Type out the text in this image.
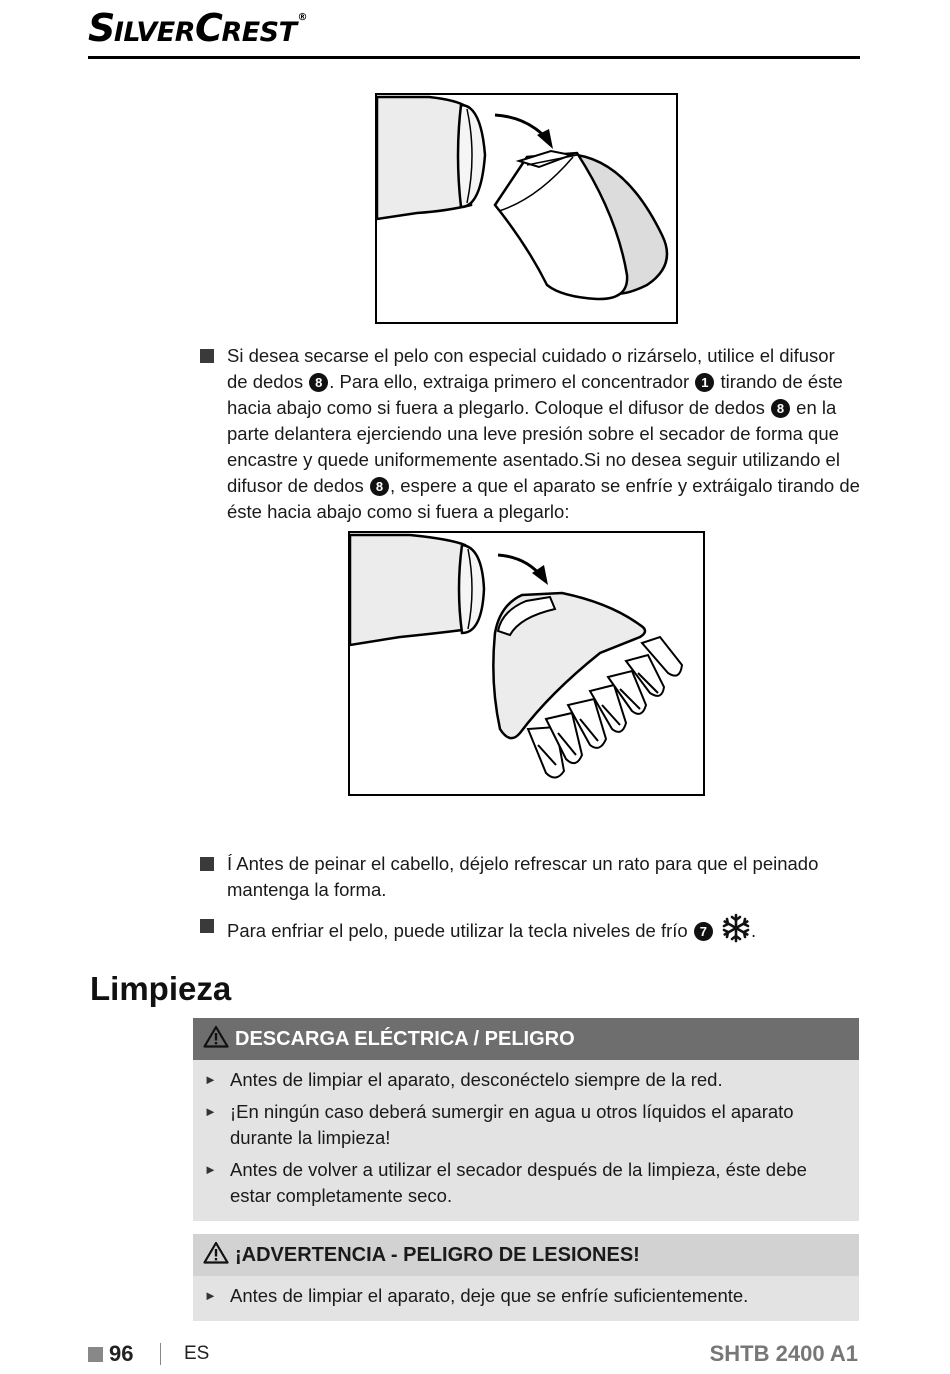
SILVERCREST®
Si desea secarse el pelo con especial cuidado o rizárselo, utilice el difusor de dedos 8 . Para ello, extraiga primero el concentrador 1 tirando de éste hacia abajo como si fuera a plegarlo. Coloque el difusor de dedos 8 en la parte delantera ejerciendo una leve presión sobre el secador de forma que encastre y quede uniformemente asentado.Si no desea seguir utilizando el difusor de dedos 8 , espere a que el aparato se enfríe y extráigalo tirando de éste hacia abajo como si fuera a plegarlo:
Í Antes de peinar el cabello, déjelo refrescar un rato para que el peinado mantenga la forma.
Para enfriar el pelo, puede utilizar la tecla niveles de frío 7 .
Limpieza
DESCARGA ELÉCTRICA / PELIGRO
► Antes de limpiar el aparato, desconéctelo siempre de la red.
► ¡En ningún caso deberá sumergir en agua u otros líquidos el aparato durante la limpieza!
► Antes de volver a utilizar el secador después de la limpieza, éste debe estar completamente seco.
¡ADVERTENCIA - PELIGRO DE LESIONES!
► Antes de limpiar el aparato, deje que se enfríe suficientemente.
96	ES	SHTB 2400 A1
